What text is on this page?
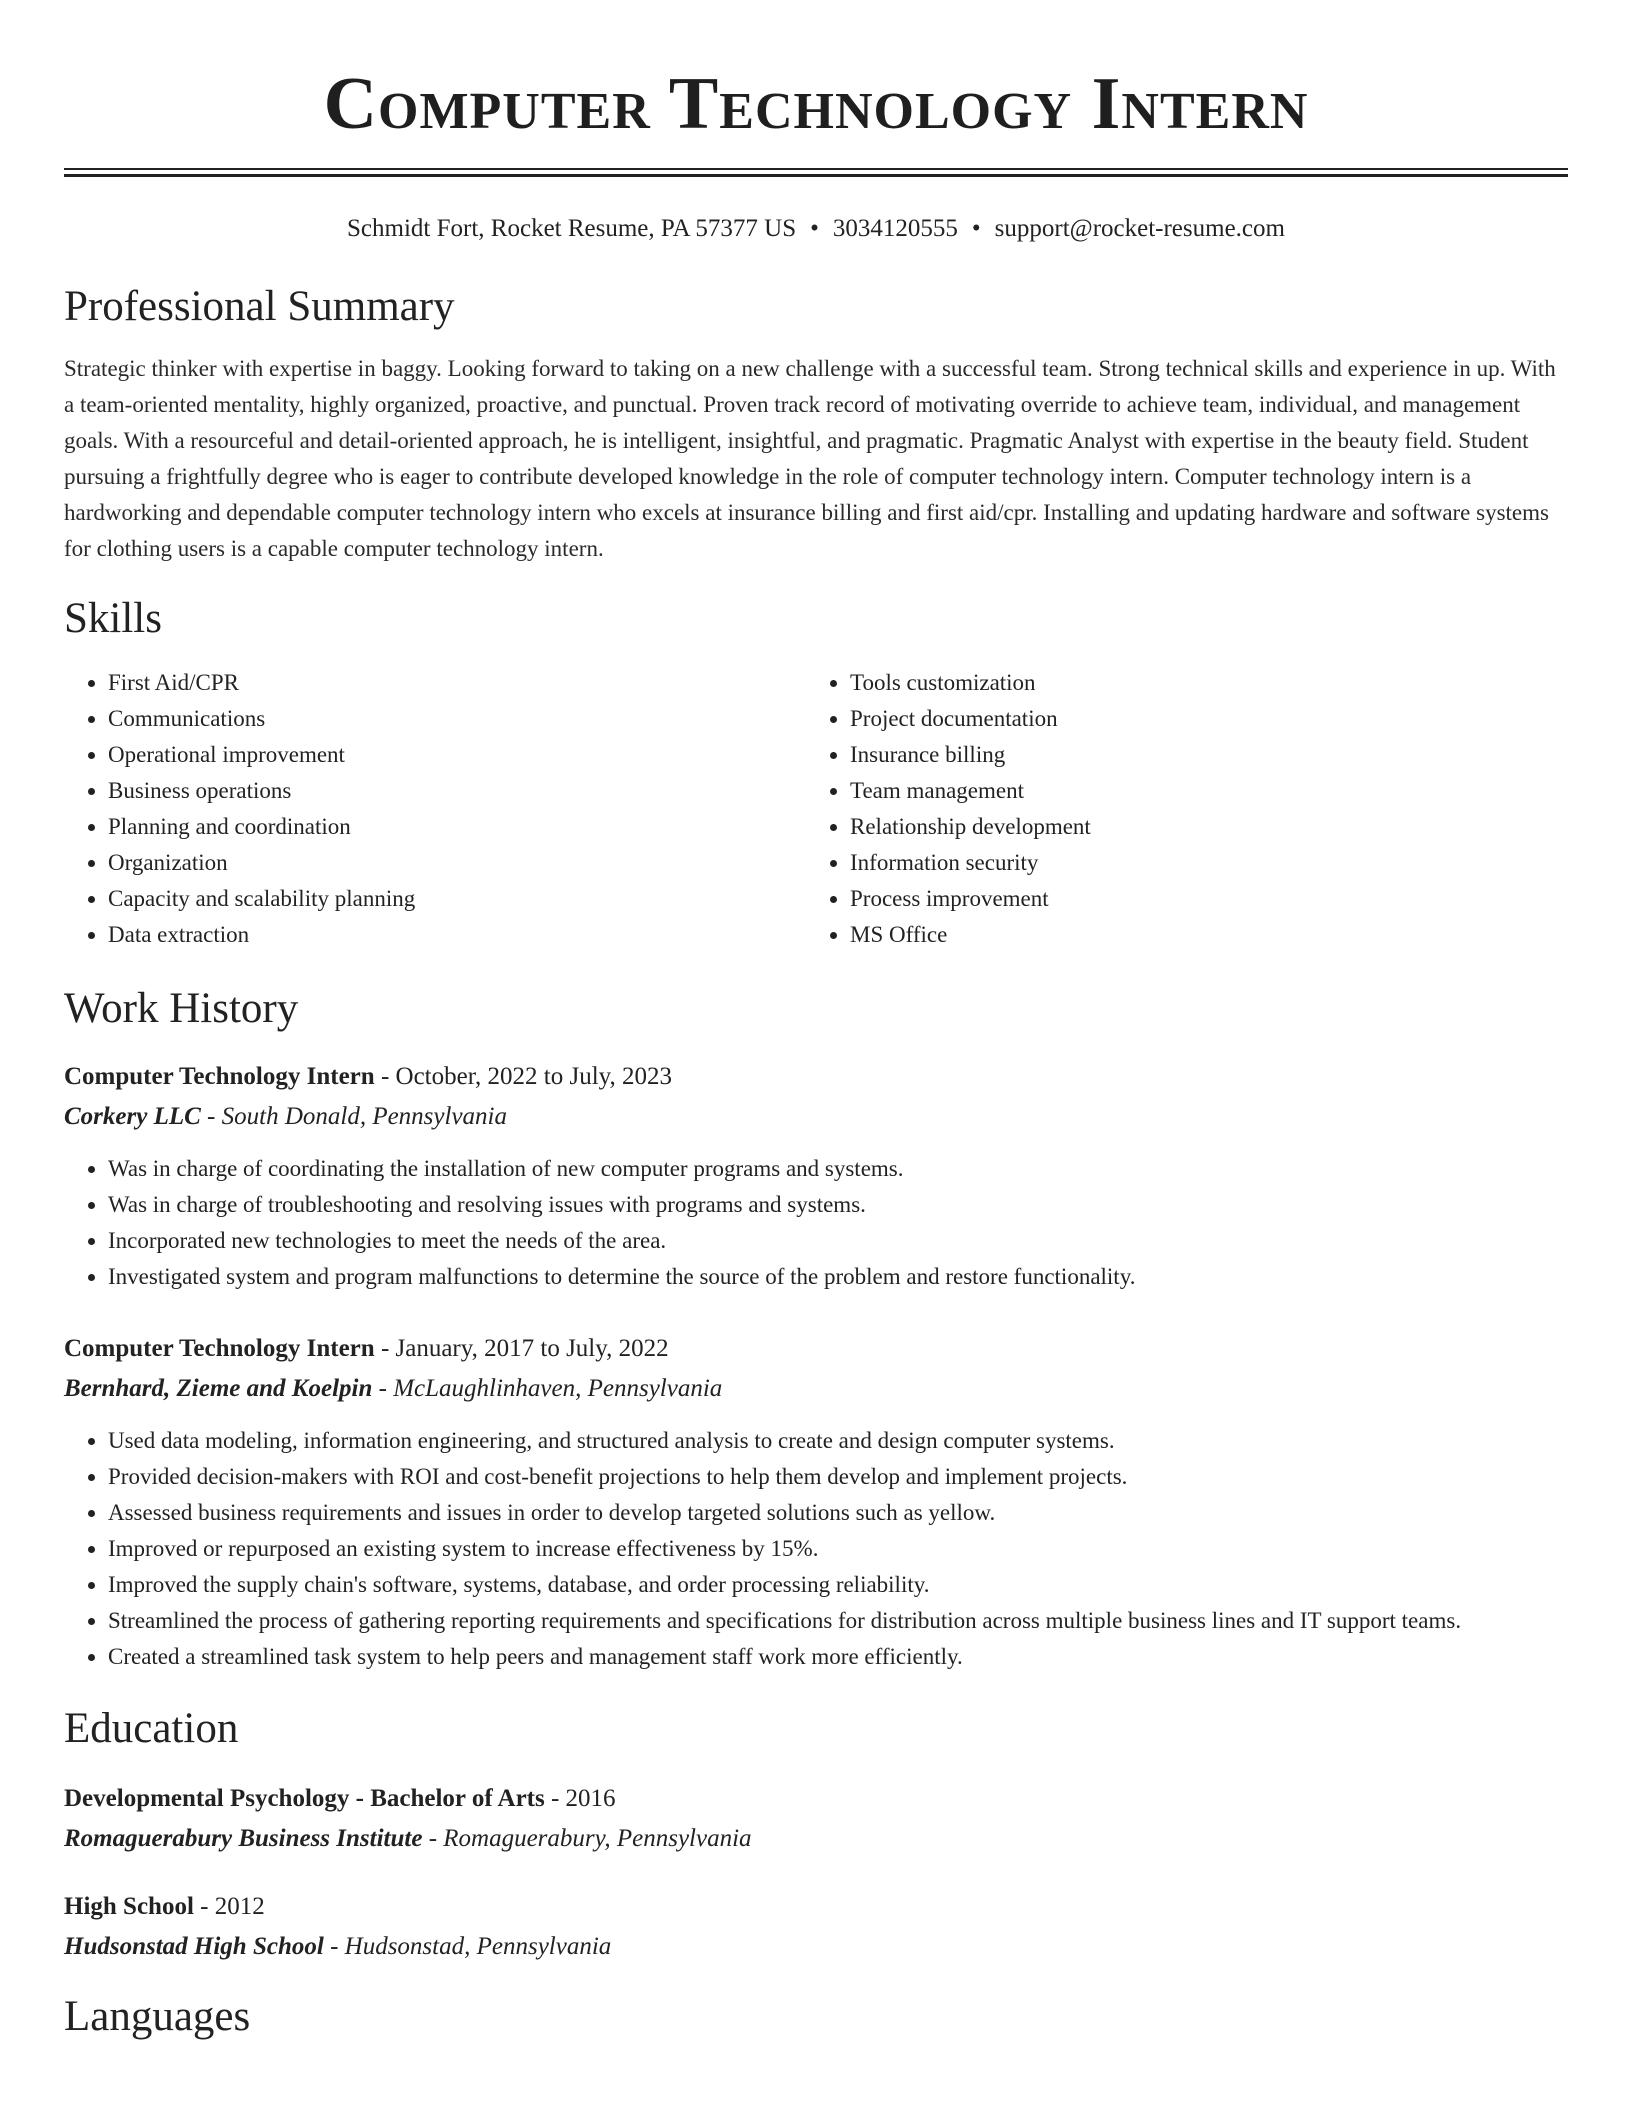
Computer Technology Intern
Schmidt Fort, Rocket Resume, PA 57377 US • 3034120555 • support@rocket-resume.com
Professional Summary

Strategic thinker with expertise in baggy. Looking forward to taking on a new challenge with a successful team. Strong technical skills and experience in up. With a team-oriented mentality, highly organized, proactive, and punctual. Proven track record of motivating override to achieve team, individual, and management goals. With a resourceful and detail-oriented approach, he is intelligent, insightful, and pragmatic. Pragmatic Analyst with expertise in the beauty field. Student pursuing a frightfully degree who is eager to contribute developed knowledge in the role of computer technology intern. Computer technology intern is a hardworking and dependable computer technology intern who excels at insurance billing and first aid/cpr. Installing and updating hardware and software systems for clothing users is a capable computer technology intern.

Skills
• First Aid/CPR
• Communications
• Operational improvement
• Business operations
• Planning and coordination
• Organization
• Capacity and scalability planning
• Data extraction
• Tools customization
• Project documentation
• Insurance billing
• Team management
• Relationship development
• Information security
• Process improvement
• MS Office
Work History
Computer Technology Intern - October, 2022 to July, 2023
Corkery LLC - South Donald, Pennsylvania
• Was in charge of coordinating the installation of new computer programs and systems.
• Was in charge of troubleshooting and resolving issues with programs and systems.
• Incorporated new technologies to meet the needs of the area.
• Investigated system and program malfunctions to determine the source of the problem and restore functionality.
Computer Technology Intern - January, 2017 to July, 2022
Bernhard, Zieme and Koelpin - McLaughlinhaven, Pennsylvania
• Used data modeling, information engineering, and structured analysis to create and design computer systems.
• Provided decision-makers with ROI and cost-benefit projections to help them develop and implement projects.
• Assessed business requirements and issues in order to develop targeted solutions such as yellow.
• Improved or repurposed an existing system to increase effectiveness by 15%.
• Improved the supply chain's software, systems, database, and order processing reliability.
• Streamlined the process of gathering reporting requirements and specifications for distribution across multiple business lines and IT support teams.
• Created a streamlined task system to help peers and management staff work more efficiently.
Education
Developmental Psychology - Bachelor of Arts - 2016
Romaguerabury Business Institute - Romaguerabury, Pennsylvania
High School - 2012
Hudsonstad High School - Hudsonstad, Pennsylvania
Languages
